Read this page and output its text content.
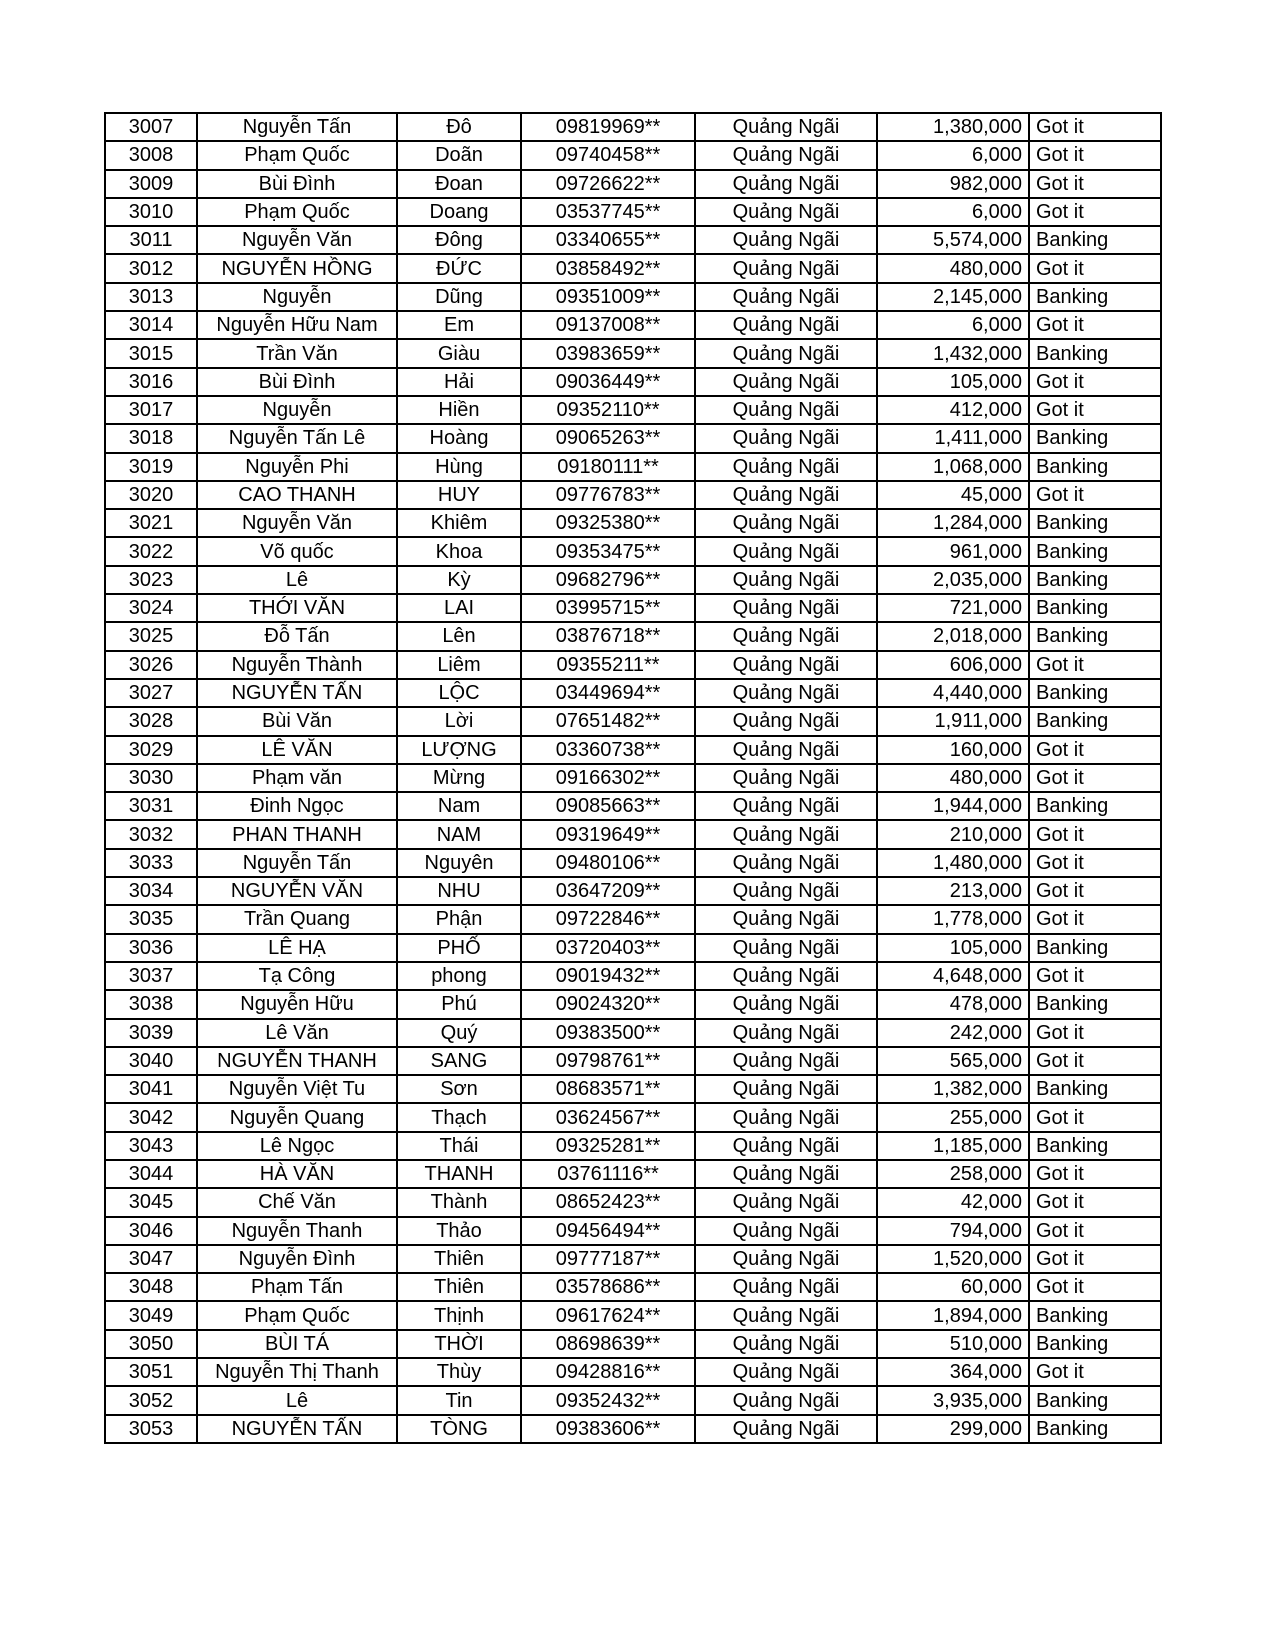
3007	Nguyễn Tấn	Đô	09819969**	Quảng Ngãi	1,380,000	Got it
3008	Phạm Quốc	Doãn	09740458**	Quảng Ngãi	6,000	Got it
3009	Bùi Đình	Đoan	09726622**	Quảng Ngãi	982,000	Got it
3010	Phạm Quốc	Doang	03537745**	Quảng Ngãi	6,000	Got it
3011	Nguyễn Văn	Đông	03340655**	Quảng Ngãi	5,574,000	Banking
3012	NGUYỄN HỒNG	ĐỨC	03858492**	Quảng Ngãi	480,000	Got it
3013	Nguyễn	Dũng	09351009**	Quảng Ngãi	2,145,000	Banking
3014	Nguyễn Hữu Nam	Em	09137008**	Quảng Ngãi	6,000	Got it
3015	Trần Văn	Giàu	03983659**	Quảng Ngãi	1,432,000	Banking
3016	Bùi Đình	Hải	09036449**	Quảng Ngãi	105,000	Got it
3017	Nguyễn	Hiền	09352110**	Quảng Ngãi	412,000	Got it
3018	Nguyễn Tấn Lê	Hoàng	09065263**	Quảng Ngãi	1,411,000	Banking
3019	Nguyễn Phi	Hùng	09180111**	Quảng Ngãi	1,068,000	Banking
3020	CAO THANH	HUY	09776783**	Quảng Ngãi	45,000	Got it
3021	Nguyễn Văn	Khiêm	09325380**	Quảng Ngãi	1,284,000	Banking
3022	Võ quốc	Khoa	09353475**	Quảng Ngãi	961,000	Banking
3023	Lê	Kỳ	09682796**	Quảng Ngãi	2,035,000	Banking
3024	THỚI VĂN	LAI	03995715**	Quảng Ngãi	721,000	Banking
3025	Đỗ Tấn	Lên	03876718**	Quảng Ngãi	2,018,000	Banking
3026	Nguyễn Thành	Liêm	09355211**	Quảng Ngãi	606,000	Got it
3027	NGUYỄN TẤN	LỘC	03449694**	Quảng Ngãi	4,440,000	Banking
3028	Bùi Văn	Lời	07651482**	Quảng Ngãi	1,911,000	Banking
3029	LÊ VĂN	LƯỢNG	03360738**	Quảng Ngãi	160,000	Got it
3030	Phạm văn	Mừng	09166302**	Quảng Ngãi	480,000	Got it
3031	Đinh Ngọc	Nam	09085663**	Quảng Ngãi	1,944,000	Banking
3032	PHAN THANH	NAM	09319649**	Quảng Ngãi	210,000	Got it
3033	Nguyễn Tấn	Nguyên	09480106**	Quảng Ngãi	1,480,000	Got it
3034	NGUYỄN VĂN	NHU	03647209**	Quảng Ngãi	213,000	Got it
3035	Trần Quang	Phận	09722846**	Quảng Ngãi	1,778,000	Got it
3036	LÊ HẠ	PHỐ	03720403**	Quảng Ngãi	105,000	Banking
3037	Tạ Công	phong	09019432**	Quảng Ngãi	4,648,000	Got it
3038	Nguyễn Hữu	Phú	09024320**	Quảng Ngãi	478,000	Banking
3039	Lê Văn	Quý	09383500**	Quảng Ngãi	242,000	Got it
3040	NGUYỄN THANH	SANG	09798761**	Quảng Ngãi	565,000	Got it
3041	Nguyễn Việt Tu	Sơn	08683571**	Quảng Ngãi	1,382,000	Banking
3042	Nguyễn Quang	Thạch	03624567**	Quảng Ngãi	255,000	Got it
3043	Lê Ngọc	Thái	09325281**	Quảng Ngãi	1,185,000	Banking
3044	HÀ VĂN	THANH	03761116**	Quảng Ngãi	258,000	Got it
3045	Chế Văn	Thành	08652423**	Quảng Ngãi	42,000	Got it
3046	Nguyễn Thanh	Thảo	09456494**	Quảng Ngãi	794,000	Got it
3047	Nguyễn Đình	Thiên	09777187**	Quảng Ngãi	1,520,000	Got it
3048	Phạm Tấn	Thiên	03578686**	Quảng Ngãi	60,000	Got it
3049	Phạm Quốc	Thịnh	09617624**	Quảng Ngãi	1,894,000	Banking
3050	BÙI TÁ	THỜI	08698639**	Quảng Ngãi	510,000	Banking
3051	Nguyễn Thị Thanh	Thùy	09428816**	Quảng Ngãi	364,000	Got it
3052	Lê	Tin	09352432**	Quảng Ngãi	3,935,000	Banking
3053	NGUYỄN TẤN	TÒNG	09383606**	Quảng Ngãi	299,000	Banking
